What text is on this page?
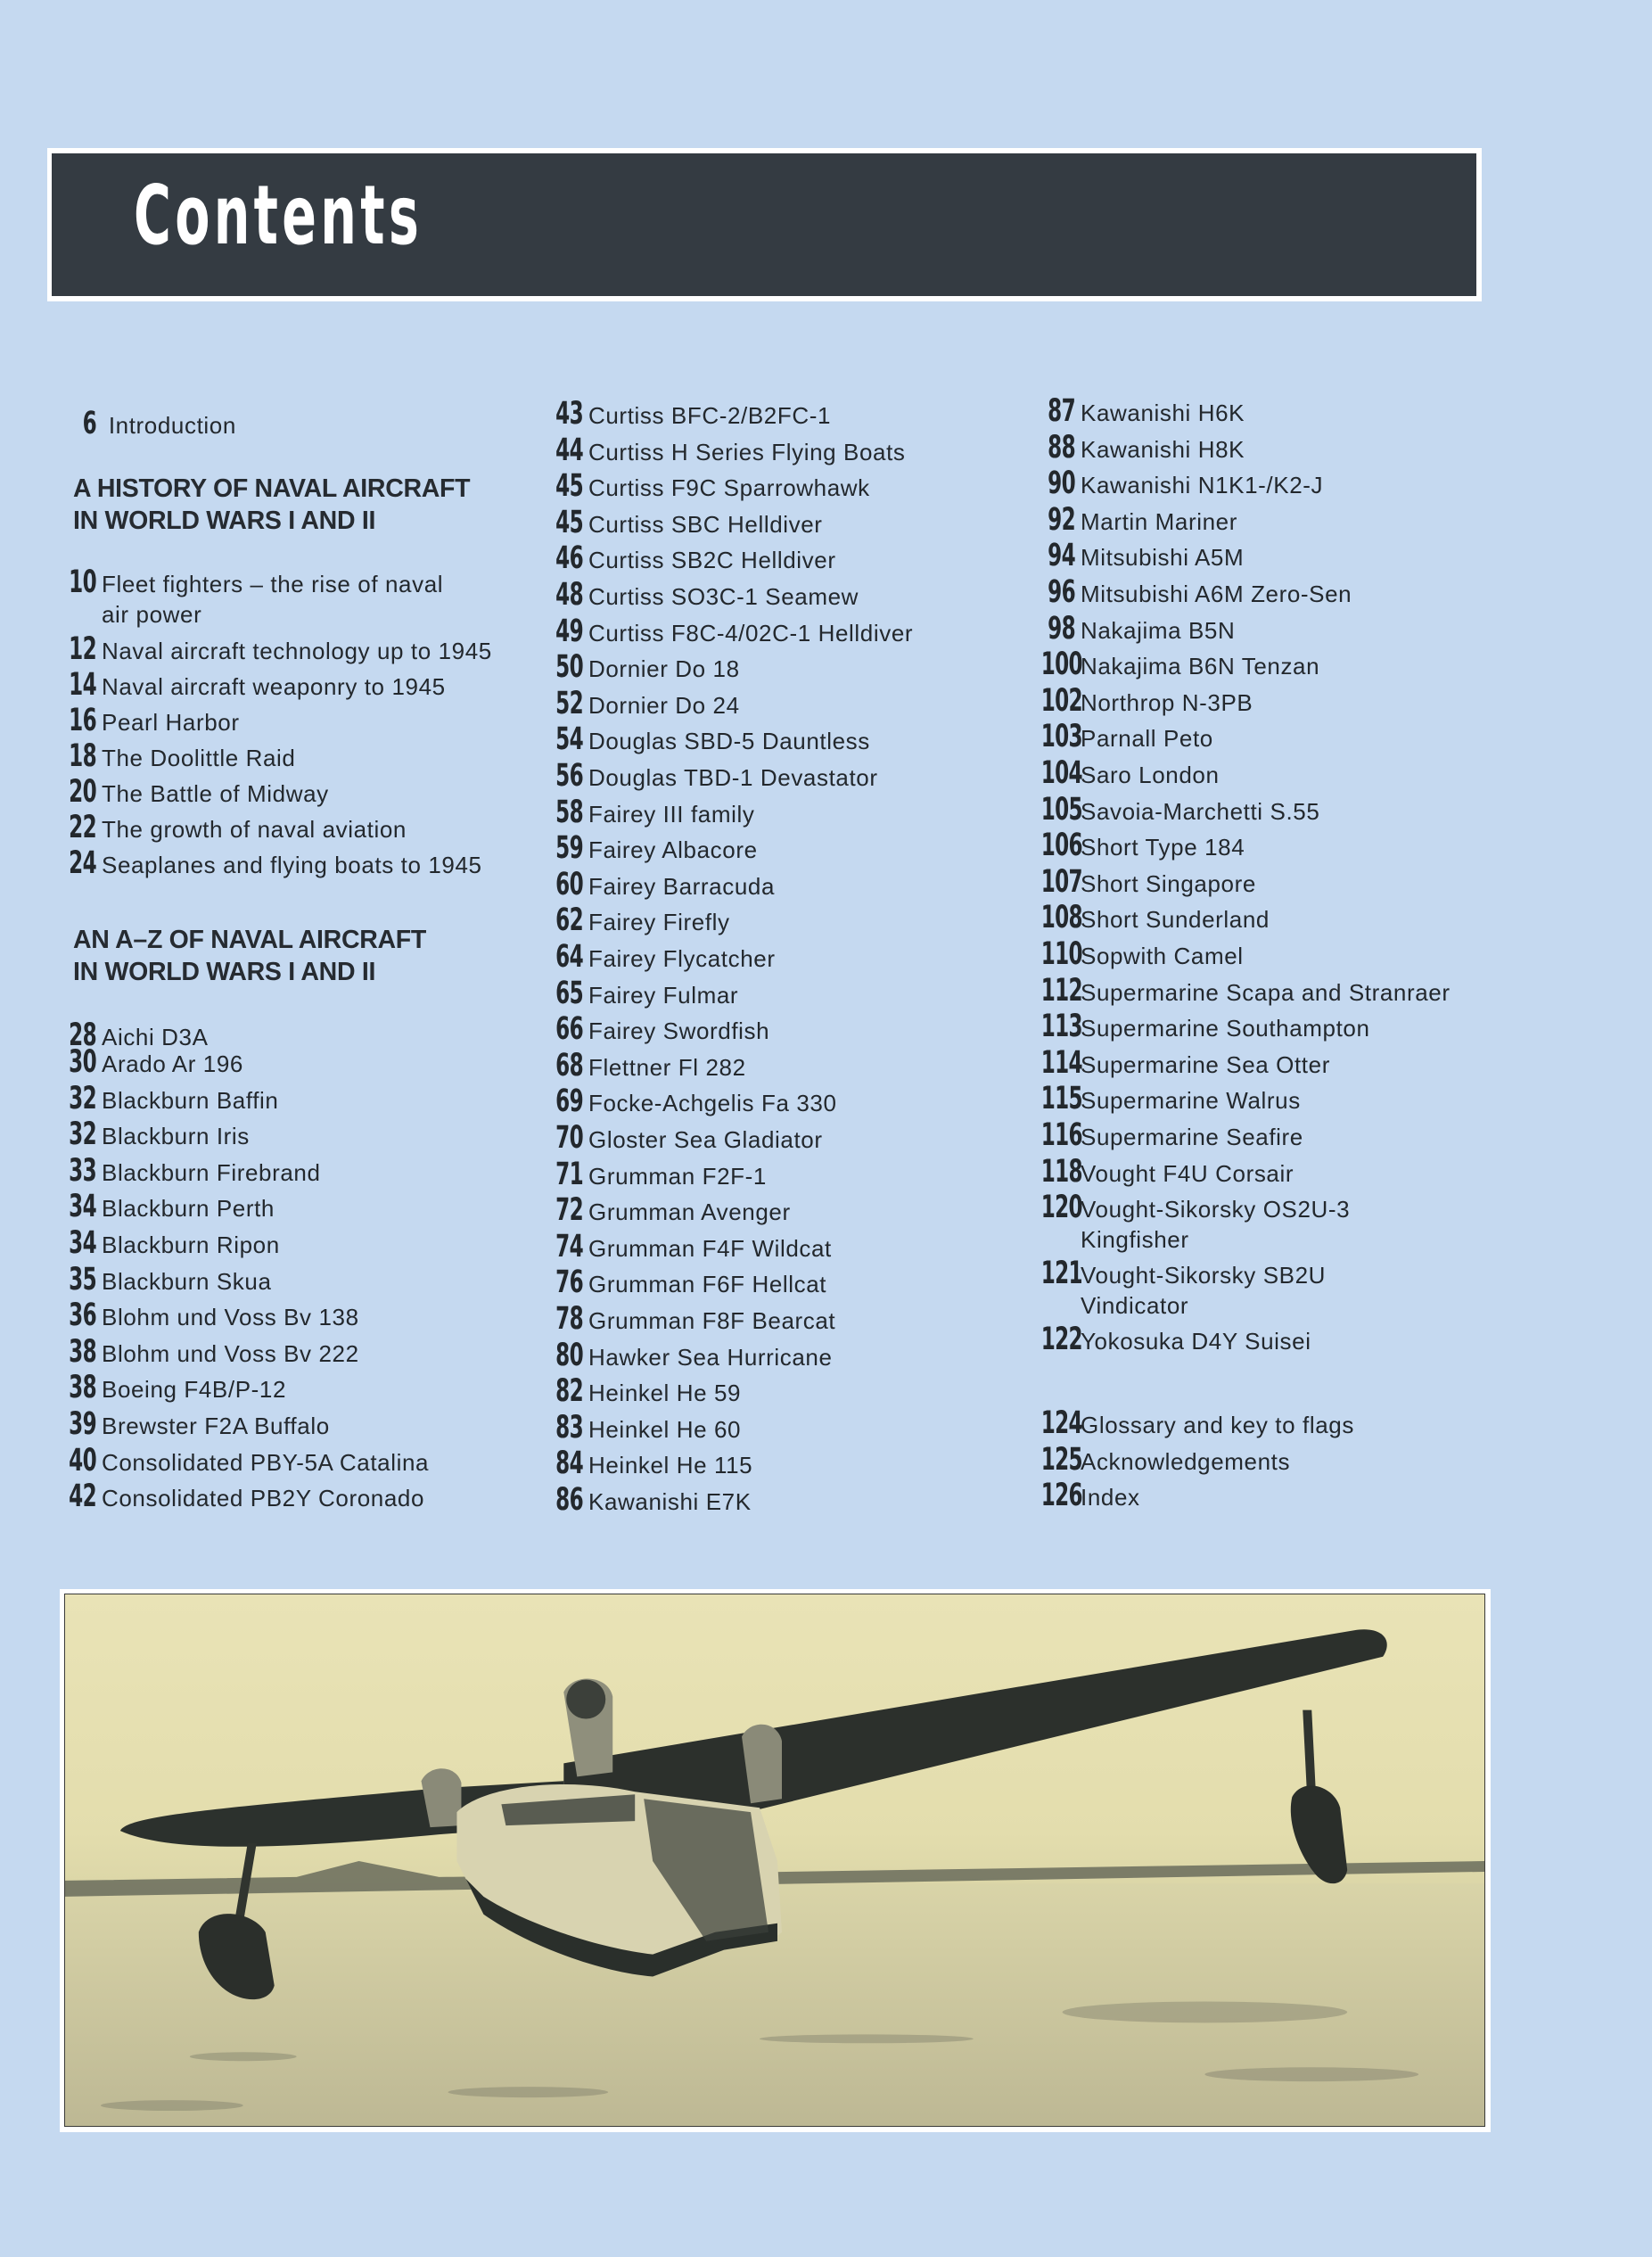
Contents
6 Introduction
A HISTORY OF NAVAL AIRCRAFT
IN WORLD WARS I AND II
10 Fleet fighters – the rise of naval
air power
12 Naval aircraft technology up to 1945
14 Naval aircraft weaponry to 1945
16 Pearl Harbor
18 The Doolittle Raid
20 The Battle of Midway
22 The growth of naval aviation
24 Seaplanes and flying boats to 1945
AN A–Z OF NAVAL AIRCRAFT
IN WORLD WARS I AND II
28 Aichi D3A
30 Arado Ar 196
32 Blackburn Baffin
32 Blackburn Iris
33 Blackburn Firebrand
34 Blackburn Perth
34 Blackburn Ripon
35 Blackburn Skua
36 Blohm und Voss Bv 138
38 Blohm und Voss Bv 222
38 Boeing F4B/P-12
39 Brewster F2A Buffalo
40 Consolidated PBY-5A Catalina
42 Consolidated PB2Y Coronado
43 Curtiss BFC-2/B2FC-1
44 Curtiss H Series Flying Boats
45 Curtiss F9C Sparrowhawk
45 Curtiss SBC Helldiver
46 Curtiss SB2C Helldiver
48 Curtiss SO3C-1 Seamew
49 Curtiss F8C-4/02C-1 Helldiver
50 Dornier Do 18
52 Dornier Do 24
54 Douglas SBD-5 Dauntless
56 Douglas TBD-1 Devastator
58 Fairey III family
59 Fairey Albacore
60 Fairey Barracuda
62 Fairey Firefly
64 Fairey Flycatcher
65 Fairey Fulmar
66 Fairey Swordfish
68 Flettner Fl 282
69 Focke-Achgelis Fa 330
70 Gloster Sea Gladiator
71 Grumman F2F-1
72 Grumman Avenger
74 Grumman F4F Wildcat
76 Grumman F6F Hellcat
78 Grumman F8F Bearcat
80 Hawker Sea Hurricane
82 Heinkel He 59
83 Heinkel He 60
84 Heinkel He 115
86 Kawanishi E7K
87 Kawanishi H6K
88 Kawanishi H8K
90 Kawanishi N1K1-/K2-J
92 Martin Mariner
94 Mitsubishi A5M
96 Mitsubishi A6M Zero-Sen
98 Nakajima B5N
100Nakajima B6N Tenzan
102Northrop N-3PB
103Parnall Peto
104Saro London
105Savoia-Marchetti S.55
106Short Type 184
107Short Singapore
108Short Sunderland
110Sopwith Camel
112Supermarine Scapa and Stranraer
113Supermarine Southampton
114Supermarine Sea Otter
115Supermarine Walrus
116Supermarine Seafire
118Vought F4U Corsair
120Vought-Sikorsky OS2U-3
Kingfisher
121Vought-Sikorsky SB2U
Vindicator
122Yokosuka D4Y Suisei
124Glossary and key to flags
125Acknowledgements
126Index
